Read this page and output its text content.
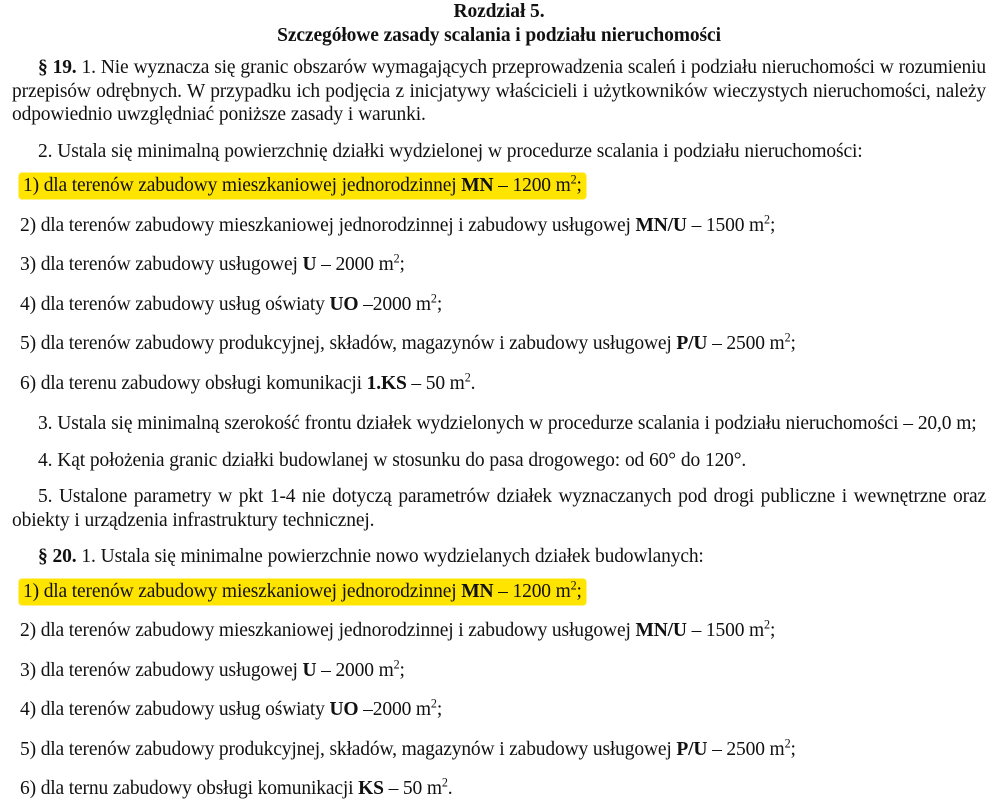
Rozdział 5.
Szczegółowe zasady scalania i podziału nieruchomości

§ 19. 1. Nie wyznacza się granic obszarów wymagających przeprowadzenia scaleń i podziału nieruchomości w rozumieniu przepisów odrębnych. W przypadku ich podjęcia z inicjatywy właścicieli i użytkowników wieczystych nieruchomości, należy odpowiednio uwzględniać poniższe zasady i warunki.

2. Ustala się minimalną powierzchnię działki wydzielonej w procedurze scalania i podziału nieruchomości:

1) dla terenów zabudowy mieszkaniowej jednorodzinnej MN – 1200 $m^2$;

2) dla terenów zabudowy mieszkaniowej jednorodzinnej i zabudowy usługowej MN/U – 1500 $m^2$;

3) dla terenów zabudowy usługowej U – 2000 $m^2$;

4) dla terenów zabudowy usług oświaty UO –2000 $m^2$;

5) dla terenów zabudowy produkcyjnej, składów, magazynów i zabudowy usługowej P/U – 2500 $m^2$;

6) dla terenu zabudowy obsługi komunikacji 1.KS – 50 $m^2$.

3. Ustala się minimalną szerokość frontu działek wydzielonych w procedurze scalania i podziału nieruchomości – 20,0 m;

4. Kąt położenia granic działki budowlanej w stosunku do pasa drogowego: od 60° do 120°.

5. Ustalone parametry w pkt 1-4 nie dotyczą parametrów działek wyznaczanych pod drogi publiczne i wewnętrzne oraz obiekty i urządzenia infrastruktury technicznej.

§ 20. 1. Ustala się minimalne powierzchnie nowo wydzielanych działek budowlanych:

1) dla terenów zabudowy mieszkaniowej jednorodzinnej MN – 1200 $m^2$;

2) dla terenów zabudowy mieszkaniowej jednorodzinnej i zabudowy usługowej MN/U – 1500 $m^2$;

3) dla terenów zabudowy usługowej U – 2000 $m^2$;

4) dla terenów zabudowy usług oświaty UO –2000 $m^2$;

5) dla terenów zabudowy produkcyjnej, składów, magazynów i zabudowy usługowej P/U – 2500 $m^2$;

6) dla ternu zabudowy obsługi komunikacji KS – 50 $m^2$.
